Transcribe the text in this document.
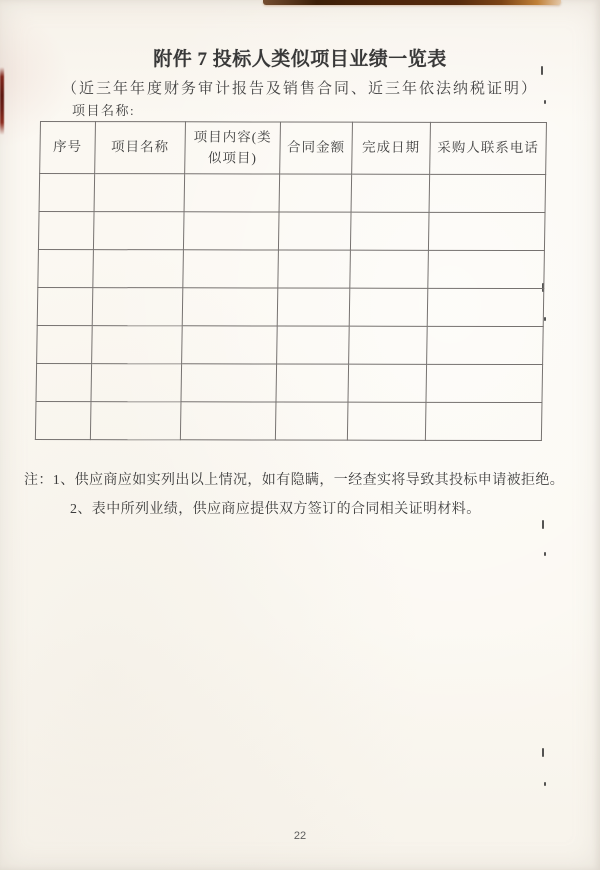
附件 7 投标人类似项目业绩一览表
（近三年年度财务审计报告及销售合同、近三年依法纳税证明）
项目名称:
序号	项目名称	项目内容(类似项目)	合同金额	完成日期	采购人联系电话

注：1、供应商应如实列出以上情况，如有隐瞒，一经查实将导致其投标申请被拒绝。
2、表中所列业绩，供应商应提供双方签订的合同相关证明材料。
22
